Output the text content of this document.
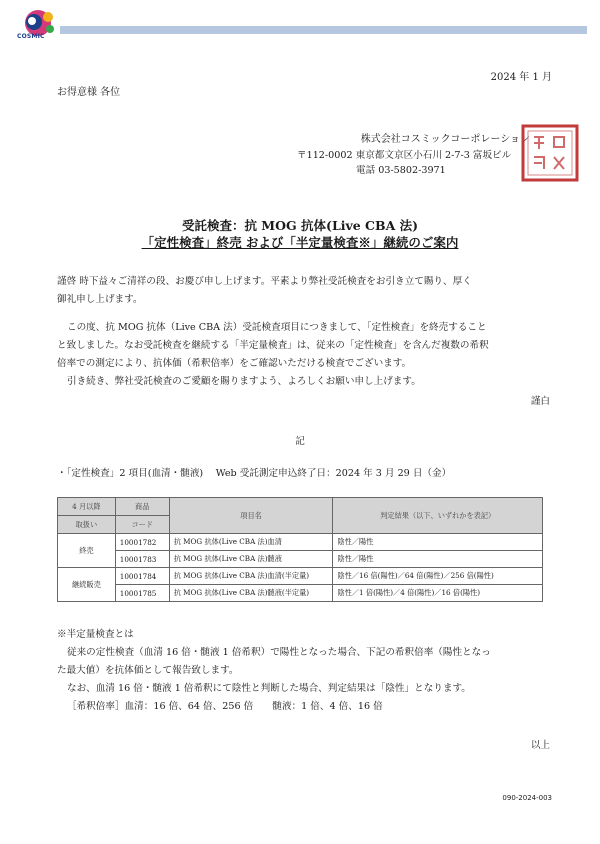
COSMIC
2024 年 1 月
お得意様 各位
株式会社コスミックコーポレーション
〒112-0002 東京都文京区小石川 2-7-3 富坂ビル
電話 03-5802-3971
受託検査：抗 MOG 抗体(Live CBA 法)
「定性検査」終売 および「半定量検査※」継続のご案内
謹啓 時下益々ご清祥の段、お慶び申し上げます。平素より弊社受託検査をお引き立て賜り、厚く
御礼申し上げます。
この度、抗 MOG 抗体（Live CBA 法）受託検査項目につきまして、「定性検査」を終売すること
と致しました。なお受託検査を継続する「半定量検査」は、従来の「定性検査」を含んだ複数の希釈
倍率での測定により、抗体価（希釈倍率）をご確認いただける検査でございます。
引き続き、弊社受託検査のご愛顧を賜りますよう、よろしくお願い申し上げます。
謹白
記
・「定性検査」2 項目(血清・髄液)　 Web 受託測定申込終了日：2024 年 3 月 29 日（金）
4 月以降	商品	項目名	判定結果（以下、いずれかを表記）
取扱い	コード		
終売	10001782	抗 MOG 抗体(Live CBA 法)血清	陰性／陽性
	10001783	抗 MOG 抗体(Live CBA 法)髄液	陰性／陽性
継続販売	10001784	抗 MOG 抗体(Live CBA 法)血清(半定量)	陰性／16 倍(陽性)／64 倍(陽性)／256 倍(陽性)
	10001785	抗 MOG 抗体(Live CBA 法)髄液(半定量)	陰性／1 倍(陽性)／4 倍(陽性)／16 倍(陽性)
※半定量検査とは
従来の定性検査（血清 16 倍・髄液 1 倍希釈）で陽性となった場合、下記の希釈倍率（陽性となっ
た最大値）を抗体価として報告致します。
なお、血清 16 倍・髄液 1 倍希釈にて陰性と判断した場合、判定結果は「陰性」となります。
［希釈倍率］血清：16 倍、64 倍、256 倍　　髄液：1 倍、4 倍、16 倍
以上
090-2024-003
